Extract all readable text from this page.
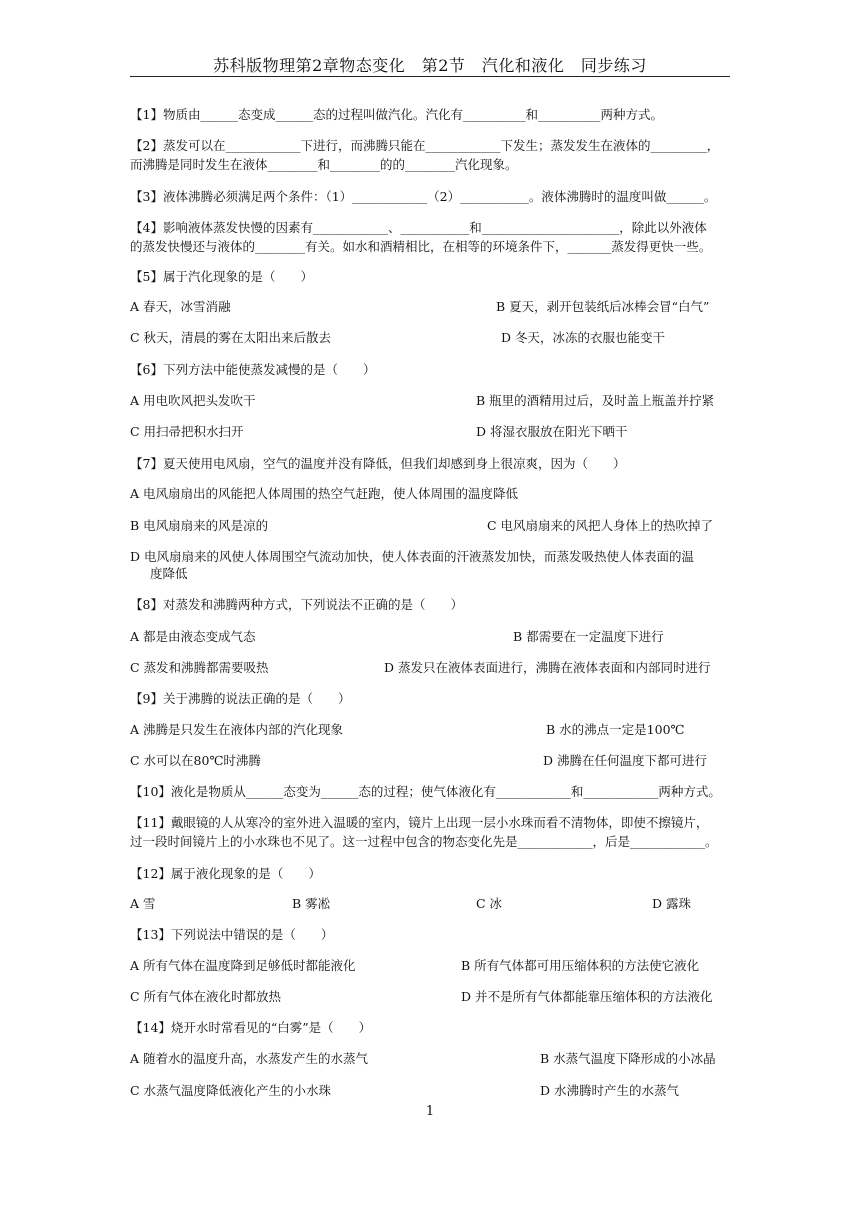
苏科版物理第2章物态变化　第2节　汽化和液化　同步练习
【1】物质由______态变成______态的过程叫做汽化。汽化有__________和__________两种方式。
【2】蒸发可以在____________下进行，而沸腾只能在____________下发生；蒸发发生在液体的_________，
而沸腾是同时发生在液体________和________的的________汽化现象。
【3】液体沸腾必须满足两个条件：（1）____________（2）___________。液体沸腾时的温度叫做______。
【4】影响液体蒸发快慢的因素有____________、___________和______________________，除此以外液体
的蒸发快慢还与液体的________有关。如水和酒精相比，在相等的环境条件下，_______蒸发得更快一些。
【5】属于汽化现象的是（　　）
A 春天，冰雪消融	B 夏天，剥开包装纸后冰棒会冒“白气”
C 秋天，清晨的雾在太阳出来后散去	D 冬天，冰冻的衣服也能变干
【6】下列方法中能使蒸发减慢的是（　　）
A 用电吹风把头发吹干	B 瓶里的酒精用过后，及时盖上瓶盖并拧紧
C 用扫帚把积水扫开	D 将湿衣服放在阳光下晒干
【7】夏天使用电风扇，空气的温度并没有降低，但我们却感到身上很凉爽，因为（　　）
A 电风扇扇出的风能把人体周围的热空气赶跑，使人体周围的温度降低
B 电风扇扇来的风是凉的	C 电风扇扇来的风把人身体上的热吹掉了
D 电风扇扇来的风使人体周围空气流动加快，使人体表面的汗液蒸发加快，而蒸发吸热使人体表面的温
度降低
【8】对蒸发和沸腾两种方式，下列说法不正确的是（　　）
A 都是由液态变成气态	B 都需要在一定温度下进行
C 蒸发和沸腾都需要吸热	D 蒸发只在液体表面进行，沸腾在液体表面和内部同时进行
【9】关于沸腾的说法正确的是（　　）
A 沸腾是只发生在液体内部的汽化现象	B 水的沸点一定是100℃
C 水可以在80℃时沸腾	D 沸腾在任何温度下都可进行
【10】液化是物质从______态变为______态的过程；使气体液化有____________和____________两种方式。
【11】戴眼镜的人从寒冷的室外进入温暖的室内，镜片上出现一层小水珠而看不清物体，即使不擦镜片，
过一段时间镜片上的小水珠也不见了。这一过程中包含的物态变化先是____________，后是____________。
【12】属于液化现象的是（　　）
A 雪	B 雾凇	C 冰	D 露珠
【13】下列说法中错误的是（　　）
A 所有气体在温度降到足够低时都能液化	B 所有气体都可用压缩体积的方法使它液化
C 所有气体在液化时都放热	D 并不是所有气体都能靠压缩体积的方法液化
【14】烧开水时常看见的“白雾”是（　　）
A 随着水的温度升高，水蒸发产生的水蒸气	B 水蒸气温度下降形成的小冰晶
C 水蒸气温度降低液化产生的小水珠	D 水沸腾时产生的水蒸气
1
